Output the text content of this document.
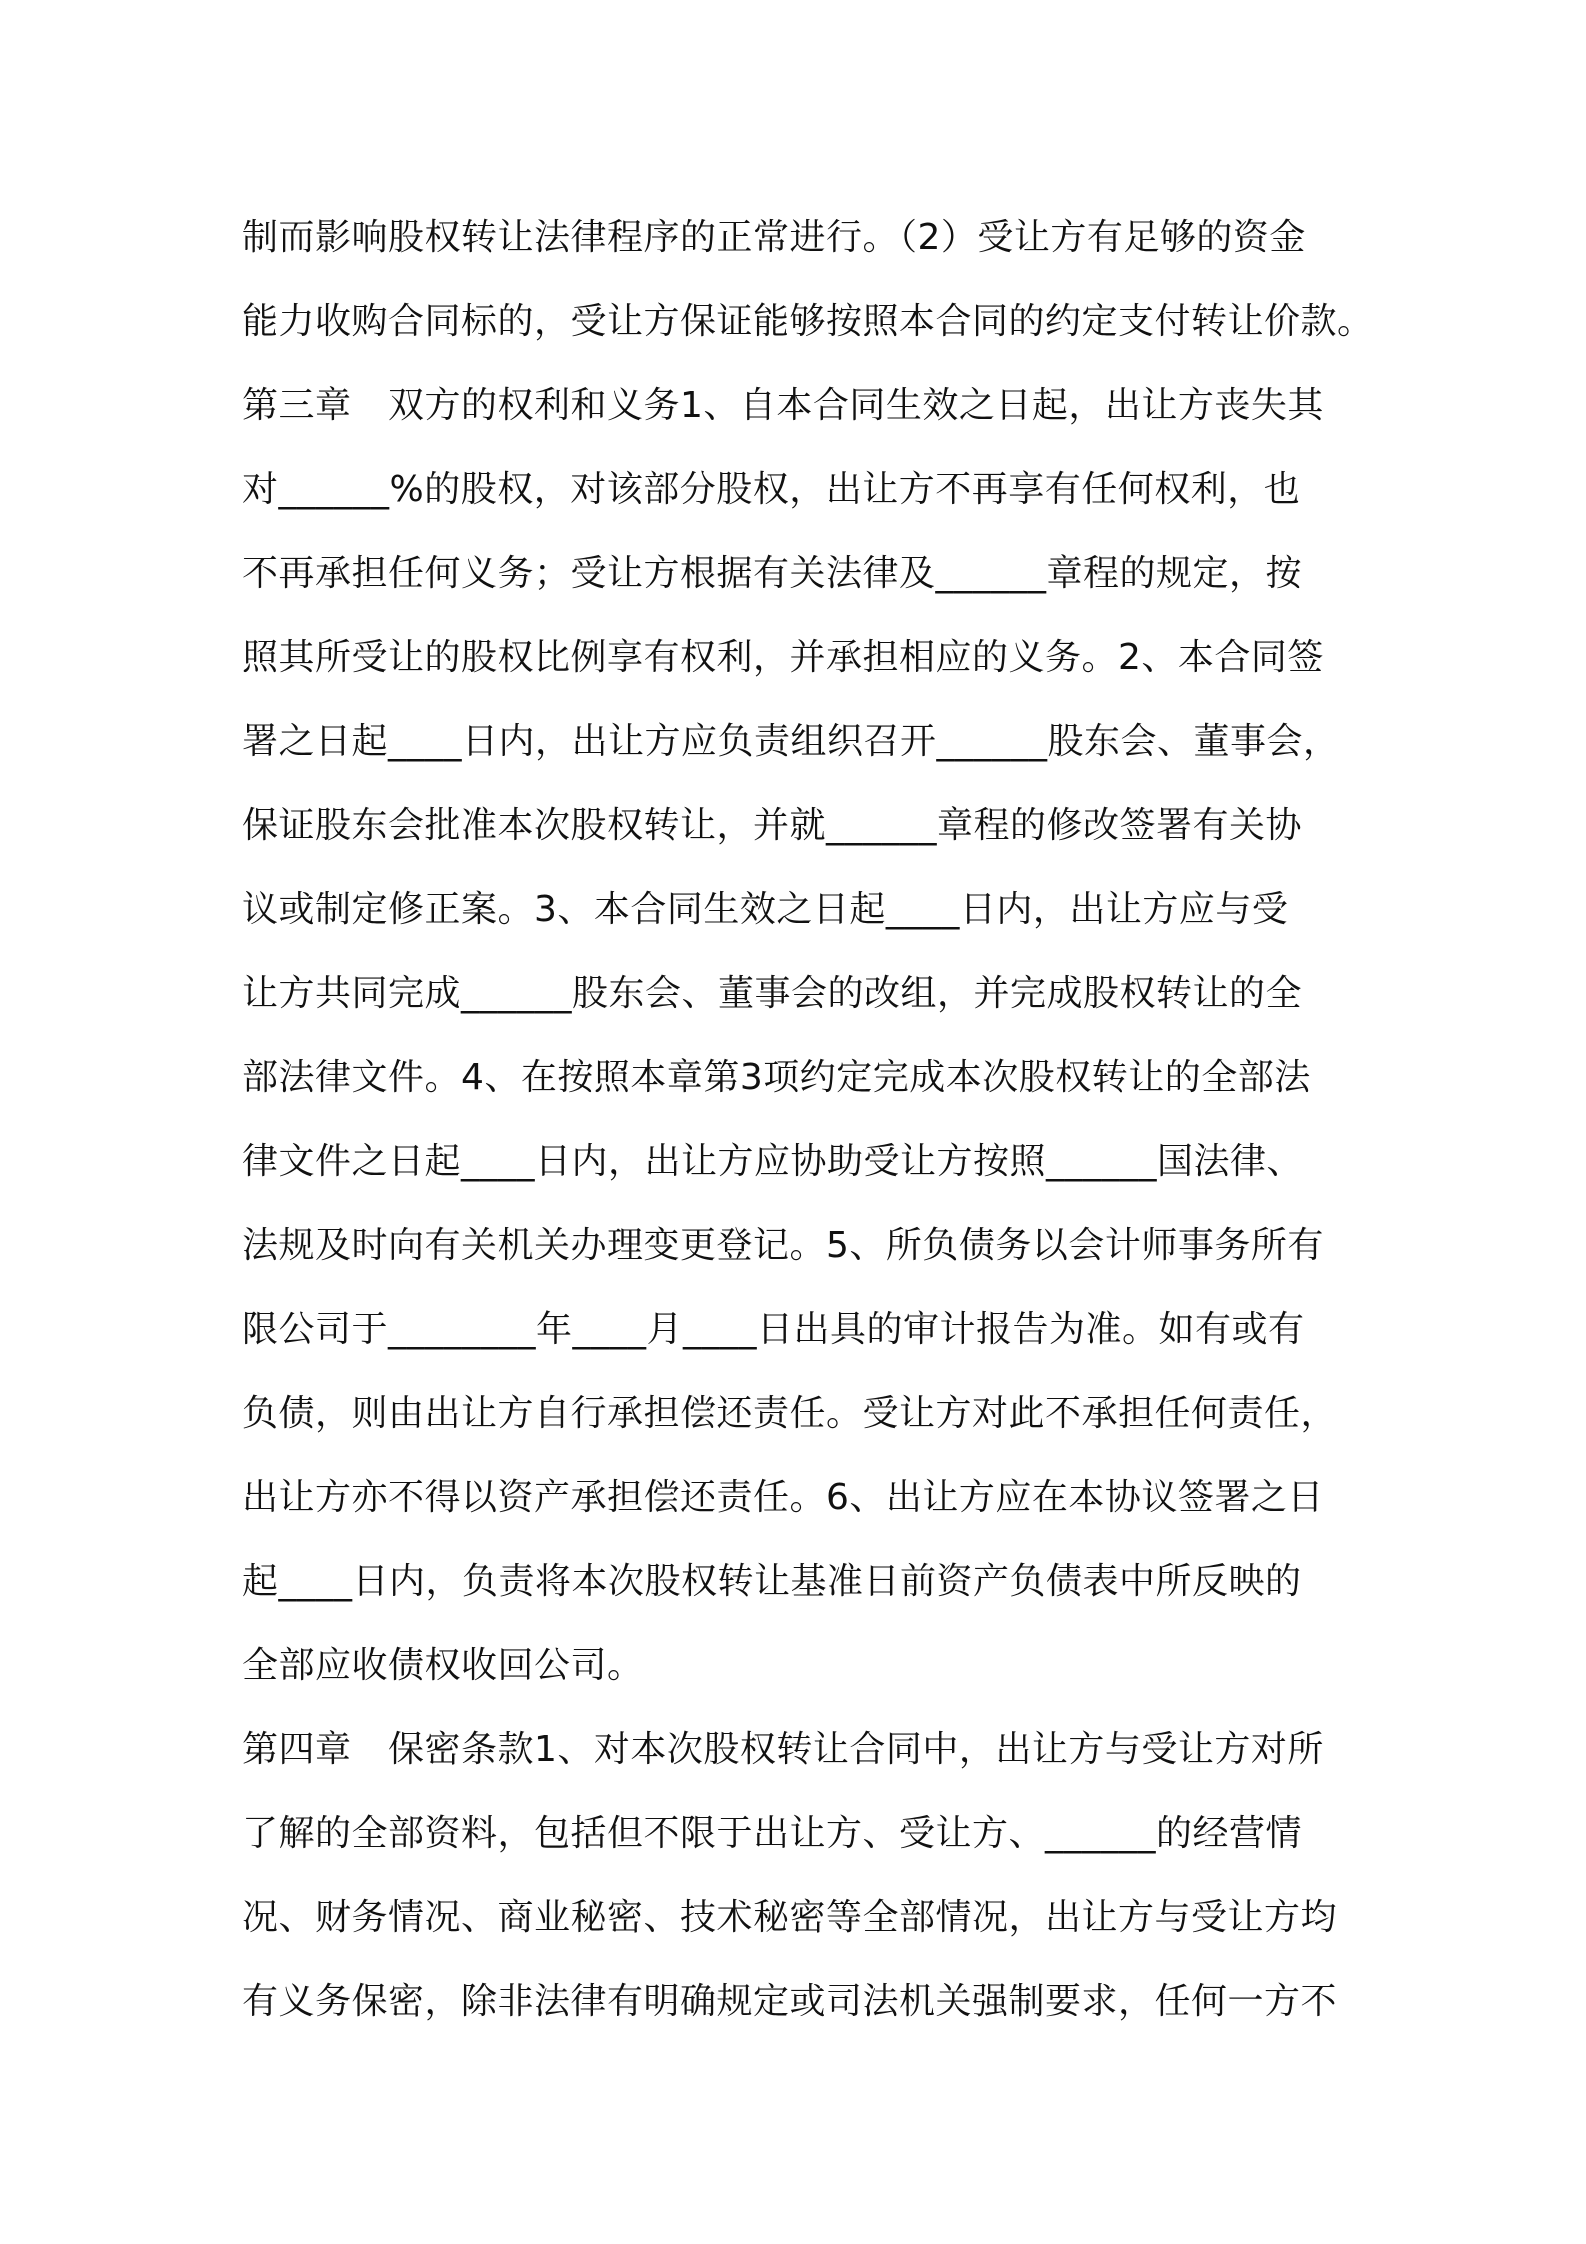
制而影响股权转让法律程序的正常进行。（2）受让方有足够的资金
能力收购合同标的，受让方保证能够按照本合同的约定支付转让价款。
第三章　双方的权利和义务1、自本合同生效之日起，出让方丧失其
对______%的股权，对该部分股权，出让方不再享有任何权利，也
不再承担任何义务；受让方根据有关法律及______章程的规定，按
照其所受让的股权比例享有权利，并承担相应的义务。2、本合同签
署之日起____日内，出让方应负责组织召开______股东会、董事会，
保证股东会批准本次股权转让，并就______章程的修改签署有关协
议或制定修正案。3、本合同生效之日起____日内，出让方应与受
让方共同完成______股东会、董事会的改组，并完成股权转让的全
部法律文件。4、在按照本章第3项约定完成本次股权转让的全部法
律文件之日起____日内，出让方应协助受让方按照______国法律、
法规及时向有关机关办理变更登记。5、所负债务以会计师事务所有
限公司于________年____月____日出具的审计报告为准。如有或有
负债，则由出让方自行承担偿还责任。受让方对此不承担任何责任，
出让方亦不得以资产承担偿还责任。6、出让方应在本协议签署之日
起____日内，负责将本次股权转让基准日前资产负债表中所反映的
全部应收债权收回公司。
第四章　保密条款1、对本次股权转让合同中，出让方与受让方对所
了解的全部资料，包括但不限于出让方、受让方、______的经营情
况、财务情况、商业秘密、技术秘密等全部情况，出让方与受让方均
有义务保密，除非法律有明确规定或司法机关强制要求，任何一方不
